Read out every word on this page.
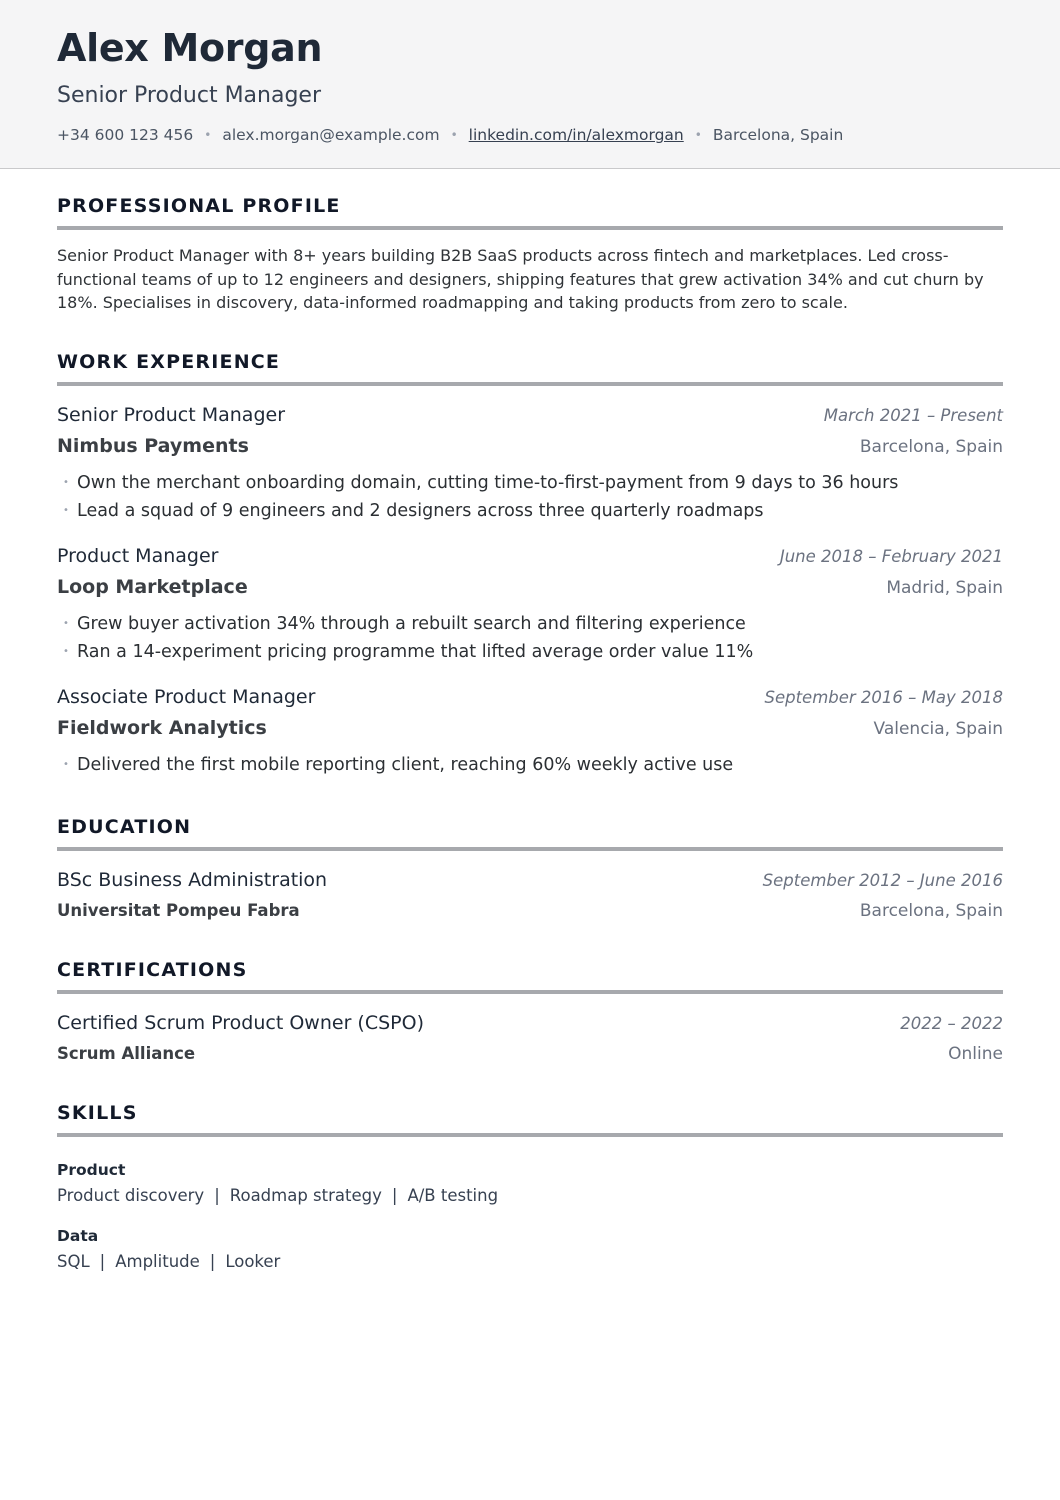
Alex Morgan
Senior Product Manager
+34 600 123 456 • alex.morgan@example.com • linkedin.com/in/alexmorgan • Barcelona, Spain
PROFESSIONAL PROFILE
Senior Product Manager with 8+ years building B2B SaaS products across fintech and marketplaces. Led cross-functional teams of up to 12 engineers and designers, shipping features that grew activation 34% and cut churn by 18%. Specialises in discovery, data-informed roadmapping and taking products from zero to scale.
WORK EXPERIENCE
Senior Product Manager	March 2021 – Present
Nimbus Payments	Barcelona, Spain
• Own the merchant onboarding domain, cutting time-to-first-payment from 9 days to 36 hours
• Lead a squad of 9 engineers and 2 designers across three quarterly roadmaps
Product Manager	June 2018 – February 2021
Loop Marketplace	Madrid, Spain
• Grew buyer activation 34% through a rebuilt search and filtering experience
• Ran a 14-experiment pricing programme that lifted average order value 11%
Associate Product Manager	September 2016 – May 2018
Fieldwork Analytics	Valencia, Spain
• Delivered the first mobile reporting client, reaching 60% weekly active use
EDUCATION
BSc Business Administration	September 2012 – June 2016
Universitat Pompeu Fabra	Barcelona, Spain
CERTIFICATIONS
Certified Scrum Product Owner (CSPO)	2022 – 2022
Scrum Alliance	Online
SKILLS
Product
Product discovery | Roadmap strategy | A/B testing
Data
SQL | Amplitude | Looker
